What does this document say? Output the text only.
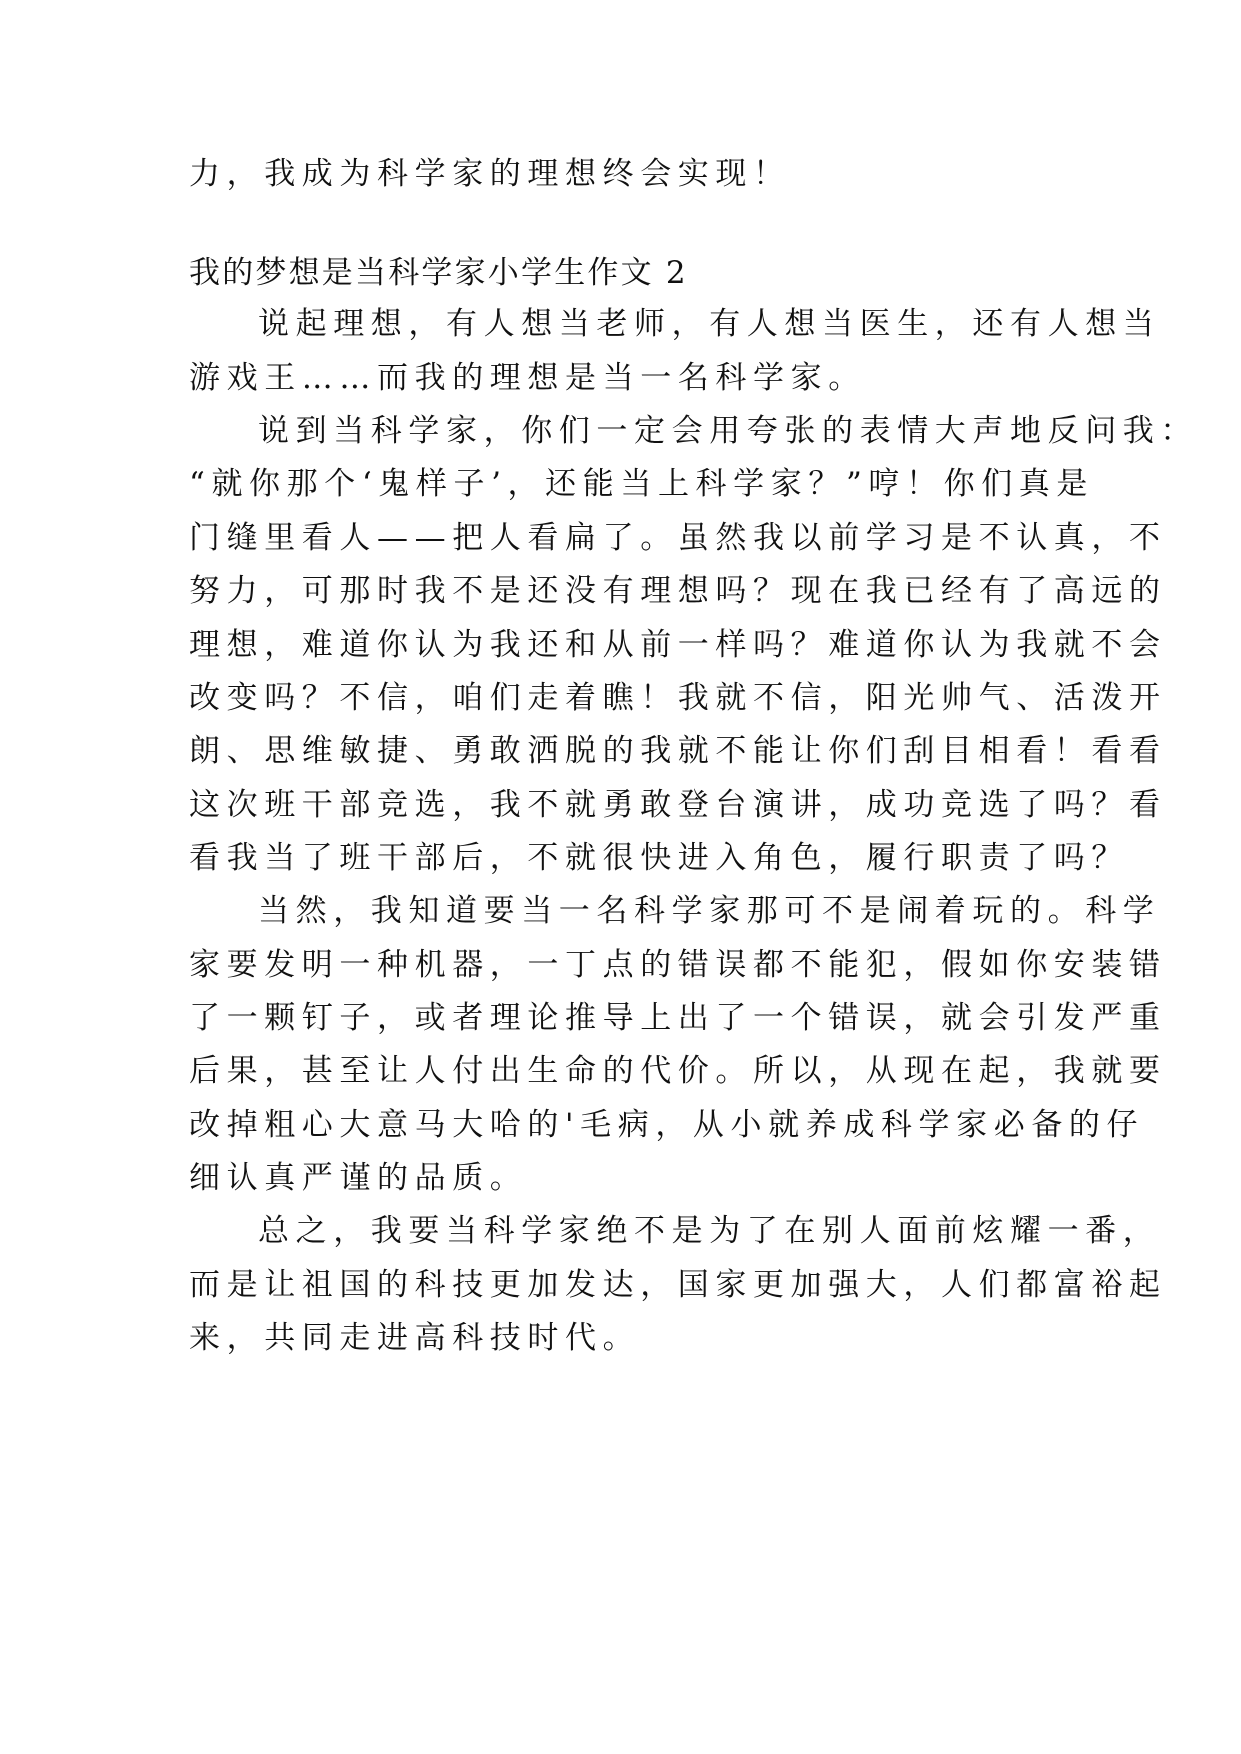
力，我成为科学家的理想终会实现！
我的梦想是当科学家小学生作文 2
说起理想，有人想当老师，有人想当医生，还有人想当
游戏王……而我的理想是当一名科学家。
说到当科学家，你们一定会用夸张的表情大声地反问我：
“就你那个‘鬼样子’，还能当上科学家？”哼！你们真是
门缝里看人——把人看扁了。虽然我以前学习是不认真，不
努力，可那时我不是还没有理想吗？现在我已经有了高远的
理想，难道你认为我还和从前一样吗？难道你认为我就不会
改变吗？不信，咱们走着瞧！我就不信，阳光帅气、活泼开
朗、思维敏捷、勇敢洒脱的我就不能让你们刮目相看！看看
这次班干部竞选，我不就勇敢登台演讲，成功竞选了吗？看
看我当了班干部后，不就很快进入角色，履行职责了吗？
当然，我知道要当一名科学家那可不是闹着玩的。科学
家要发明一种机器，一丁点的错误都不能犯，假如你安装错
了一颗钉子，或者理论推导上出了一个错误，就会引发严重
后果，甚至让人付出生命的代价。所以，从现在起，我就要
改掉粗心大意马大哈的'毛病，从小就养成科学家必备的仔
细认真严谨的品质。
总之，我要当科学家绝不是为了在别人面前炫耀一番，
而是让祖国的科技更加发达，国家更加强大，人们都富裕起
来，共同走进高科技时代。
